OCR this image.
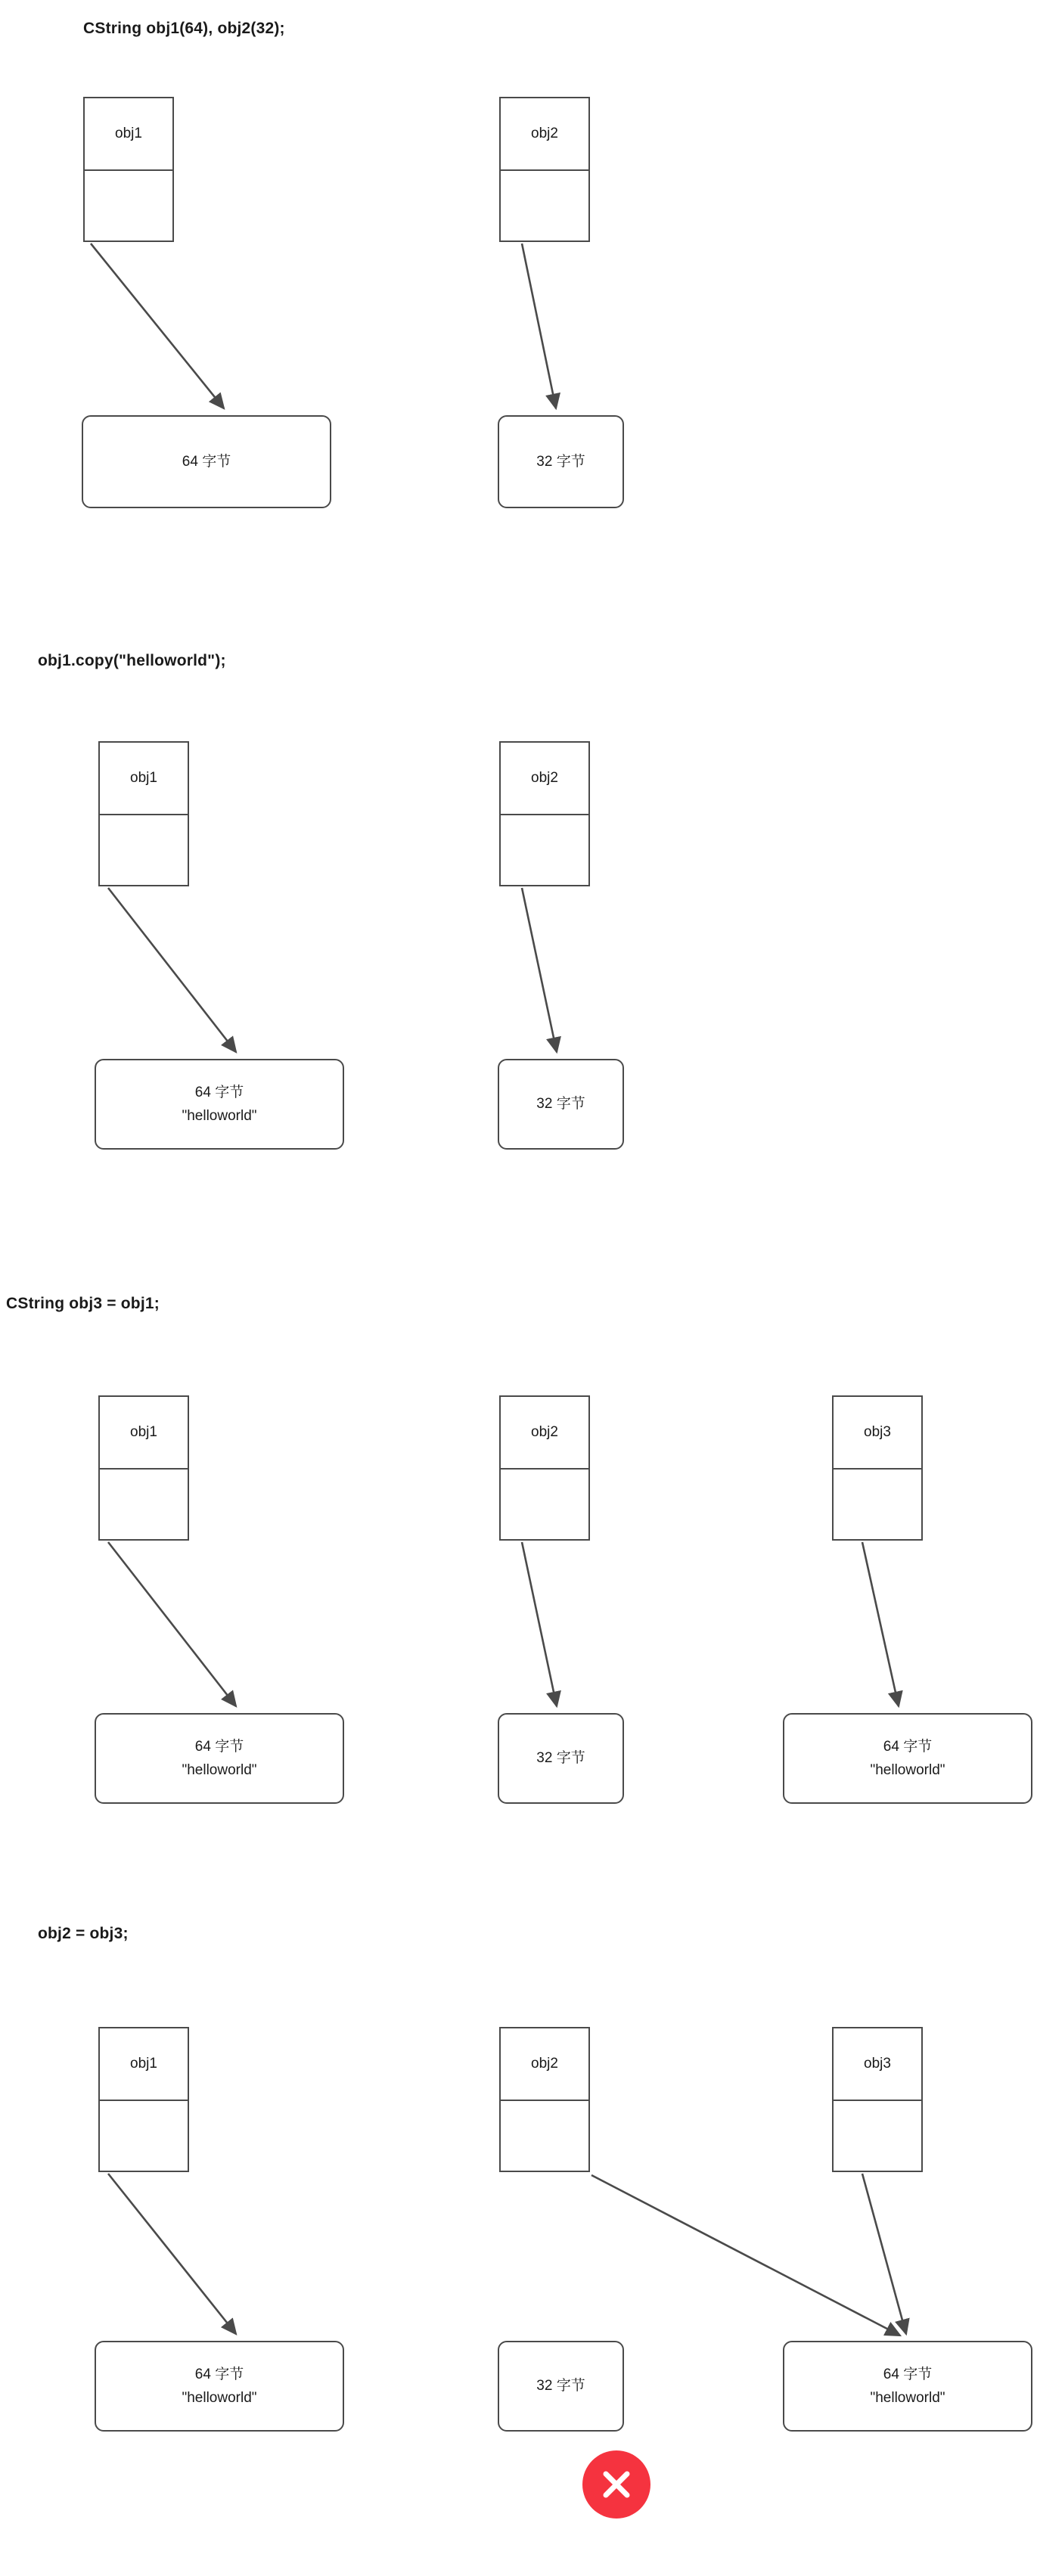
CString obj1(64), obj2(32);
obj1	obj2
64 字节	32 字节
obj1.copy("helloworld");
obj1	obj2
64 字节
"helloworld"
32 字节
CString obj3 = obj1;
obj1	obj2	obj3
64 字节
"helloworld"
32 字节
64 字节
"helloworld"
obj2 = obj3;
obj1	obj2	obj3
64 字节
"helloworld"
32 字节
64 字节
"helloworld"
